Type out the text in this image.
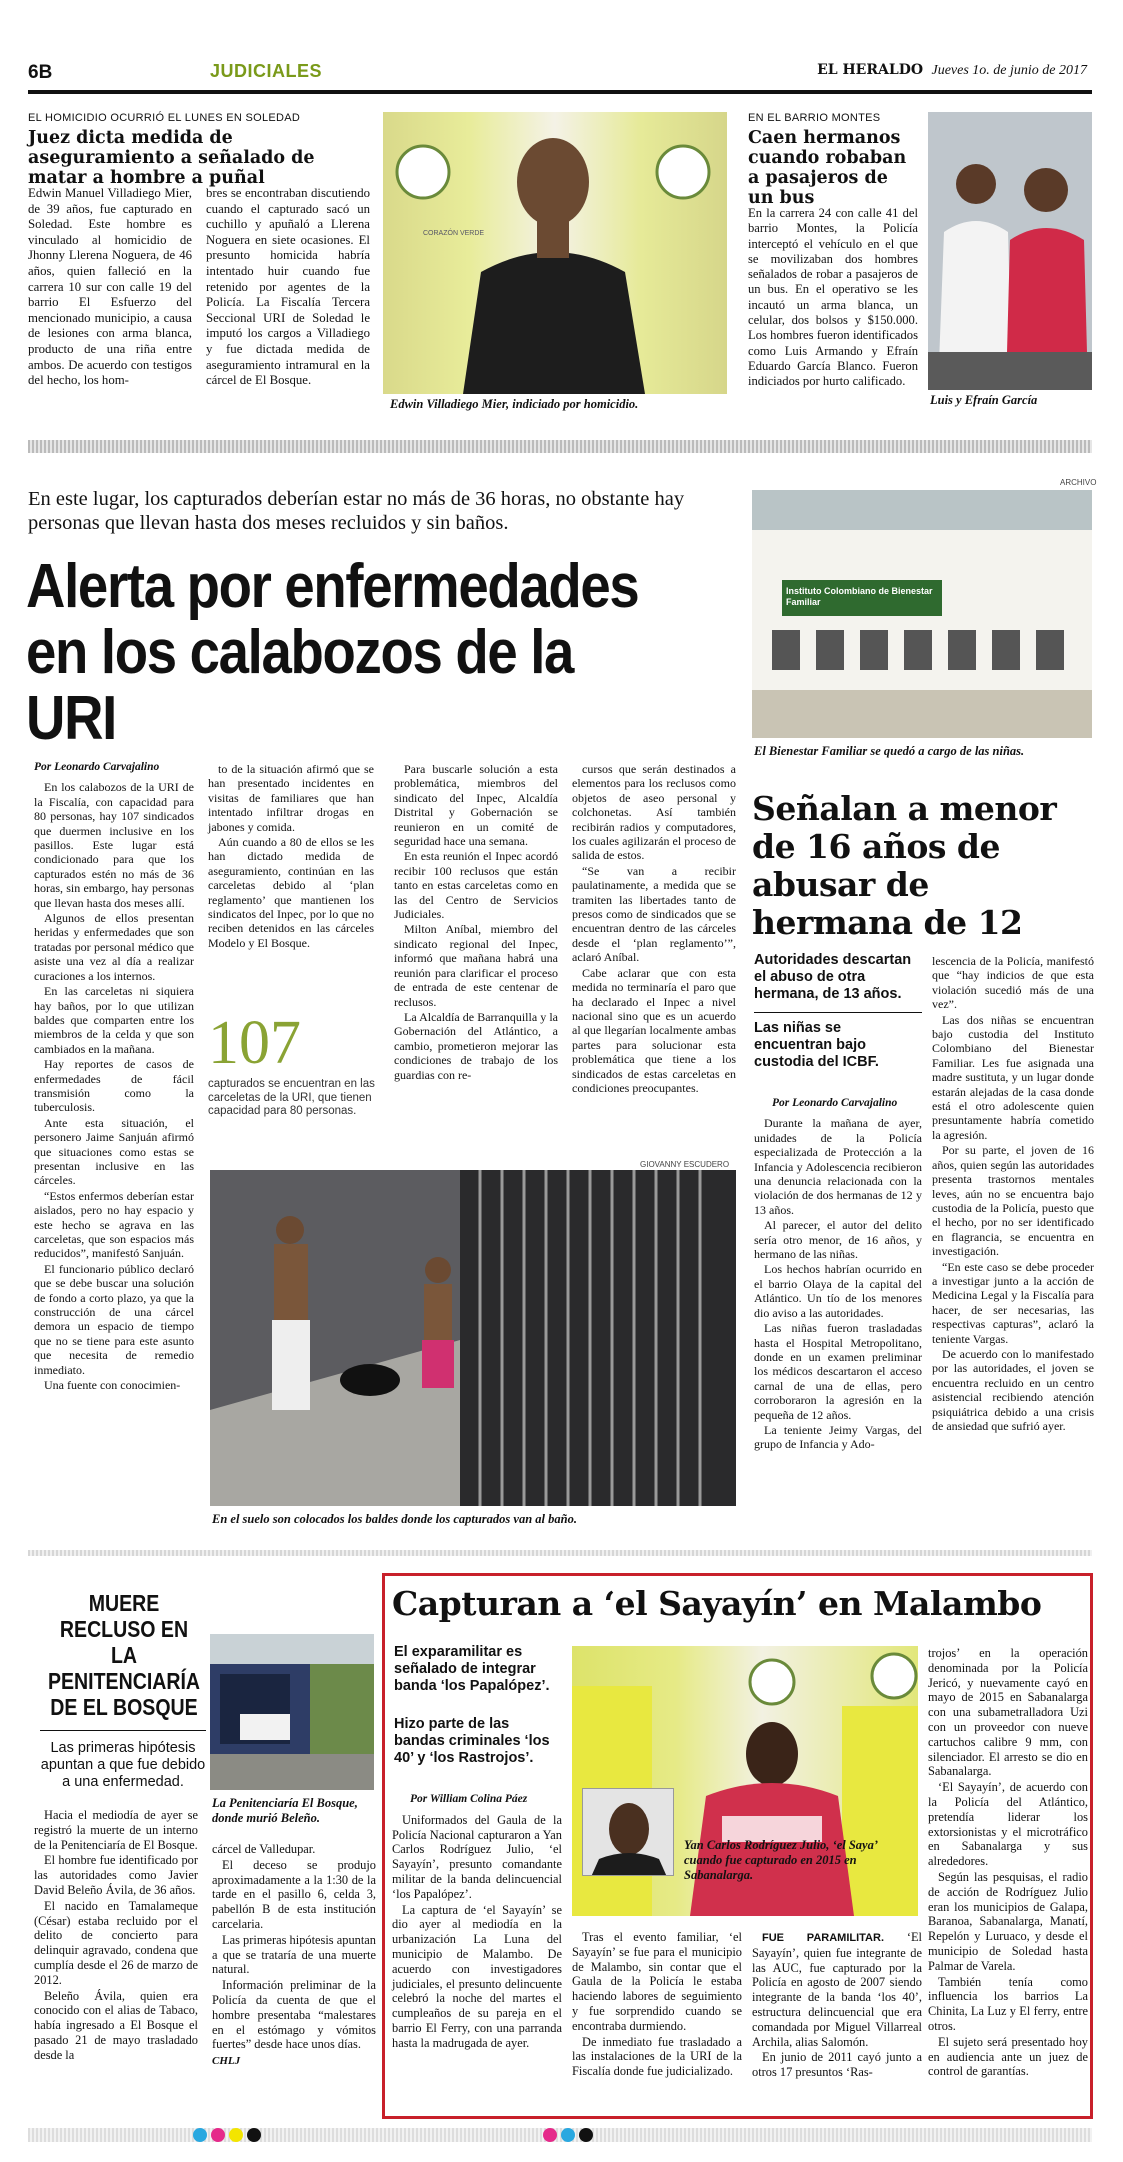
6B	JUDICIALES	EL HERALDO Jueves 1o. de junio de 2017
EL HOMICIDIO OCURRIÓ EL LUNES EN SOLEDAD
Juez dicta medida de aseguramiento a señalado de matar a hombre a puñal
Edwin Manuel Villadiego Mier, de 39 años, fue capturado en Soledad. Este hombre es vinculado al homicidio de Jhonny Llerena Noguera, de 46 años, quien falleció en la carrera 10 sur con calle 19 del barrio El Esfuerzo del mencionado municipio, a causa de lesiones con arma blanca, producto de una riña entre ambos. De acuerdo con testigos del hecho, los hom-
bres se encontraban discutiendo cuando el capturado sacó un cuchillo y apuñaló a Llerena Noguera en siete ocasiones. El presunto homicida habría intentado huir cuando fue retenido por agentes de la Policía. La Fiscalía Tercera Seccional URI de Soledad le imputó los cargos a Villadiego y fue dictada medida de aseguramiento intramural en la cárcel de El Bosque.
CORAZÓN VERDE
Edwin Villadiego Mier, indiciado por homicidio.
EN EL BARRIO MONTES
Caen hermanos cuando robaban a pasajeros de un bus
En la carrera 24 con calle 41 del barrio Montes, la Policía interceptó el vehículo en el que se movilizaban dos hombres señalados de robar a pasajeros de un bus. En el operativo se les incautó un arma blanca, un celular, dos bolsos y $150.000. Los hombres fueron identificados como Luis Armando y Efraín Eduardo García Blanco. Fueron indiciados por hurto calificado.
Luis y Efraín García
En este lugar, los capturados deberían estar no más de 36 horas, no obstante hay personas que llevan hasta dos meses recluidos y sin baños.
Alerta por enfermedades en los calabozos de la URI
Por Leonardo Carvajalino

En los calabozos de la URI de la Fiscalía, con capacidad para 80 personas, hay 107 sindicados que duermen inclusive en los pasillos. Este lugar está condicionado para que los capturados estén no más de 36 horas, sin embargo, hay personas que llevan hasta dos meses allí.

Algunos de ellos presentan heridas y enfermedades que son tratadas por personal médico que asiste una vez al día a realizar curaciones a los internos.

En las carceletas ni siquiera hay baños, por lo que utilizan baldes que comparten entre los miembros de la celda y que son cambiados en la mañana.

Hay reportes de casos de enfermedades de fácil transmisión como la tuberculosis.

Ante esta situación, el personero Jaime Sanjuán afirmó que situaciones como estas se presentan inclusive en las cárceles.

“Estos enfermos deberían estar aislados, pero no hay espacio y este hecho se agrava en las carceletas, que son espacios más reducidos”, manifestó Sanjuán.

El funcionario público declaró que se debe buscar una solución de fondo a corto plazo, ya que la construcción de una cárcel demora un espacio de tiempo que no se tiene para este asunto que necesita de remedio inmediato.

Una fuente con conocimien-

to de la situación afirmó que se han presentado incidentes en visitas de familiares que han intentado infiltrar drogas en jabones y comida.

Aún cuando a 80 de ellos se les han dictado medida de aseguramiento, continúan en las carceletas debido al ‘plan reglamento’ que mantienen los sindicatos del Inpec, por lo que no reciben detenidos en las cárceles Modelo y El Bosque.

107
capturados se encuentran en las carceletas de la URI, que tienen capacidad para 80 personas.

Para buscarle solución a esta problemática, miembros del sindicato del Inpec, Alcaldía Distrital y Gobernación se reunieron en un comité de seguridad hace una semana.

En esta reunión el Inpec acordó recibir 100 reclusos que están tanto en estas carceletas como en las del Centro de Servicios Judiciales.

Milton Aníbal, miembro del sindicato regional del Inpec, informó que mañana habrá una reunión para clarificar el proceso de entrada de este centenar de reclusos.

La Alcaldía de Barranquilla y la Gobernación del Atlántico, a cambio, prometieron mejorar las condiciones de trabajo de los guardias con re-

cursos que serán destinados a elementos para los reclusos como objetos de aseo personal y colchonetas. Así también recibirán radios y computadores, los cuales agilizarán el proceso de salida de estos.

“Se van a recibir paulatinamente, a medida que se tramiten las libertades tanto de presos como de sindicados que se encuentran dentro de las cárceles desde el ‘plan reglamento’”, aclaró Aníbal.

Cabe aclarar que con esta medida no terminaría el paro que ha declarado el Inpec a nivel nacional sino que es un acuerdo al que llegarían localmente ambas partes para solucionar esta problemática que tiene a los sindicados de estas carceletas en condiciones preocupantes.

GIOVANNY ESCUDERO
En el suelo son colocados los baldes donde los capturados van al baño.
ARCHIVO
Instituto Colombiano de Bienestar Familiar
El Bienestar Familiar se quedó a cargo de las niñas.
Señalan a menor de 16 años de abusar de hermana de 12
Autoridades descartan el abuso de otra hermana, de 13 años.
Las niñas se encuentran bajo custodia del ICBF.
Por Leonardo Carvajalino

Durante la mañana de ayer, unidades de la Policía especializada de Protección a la Infancia y Adolescencia recibieron una denuncia relacionada con la violación de dos hermanas de 12 y 13 años.

Al parecer, el autor del delito sería otro menor, de 16 años, y hermano de las niñas.

Los hechos habrían ocurrido en el barrio Olaya de la capital del Atlántico. Un tío de los menores dio aviso a las autoridades.

Las niñas fueron trasladadas hasta el Hospital Metropolitano, donde en un examen preliminar los médicos descartaron el acceso carnal de una de ellas, pero corroboraron la agresión en la pequeña de 12 años.

La teniente Jeimy Vargas, del grupo de Infancia y Ado-

lescencia de la Policía, manifestó que “hay indicios de que esta violación sucedió más de una vez”.

Las dos niñas se encuentran bajo custodia del Instituto Colombiano del Bienestar Familiar. Les fue asignada una madre sustituta, y un lugar donde estarán alejadas de la casa donde está el otro adolescente quien presuntamente habría cometido la agresión.

Por su parte, el joven de 16 años, quien según las autoridades presenta trastornos mentales leves, aún no se encuentra bajo custodia de la Policía, puesto que el hecho, por no ser identificado en flagrancia, se encuentra en investigación.

“En este caso se debe proceder a investigar junto a la acción de Medicina Legal y la Fiscalía para hacer, de ser necesarias, las respectivas capturas”, aclaró la teniente Vargas.

De acuerdo con lo manifestado por las autoridades, el joven se encuentra recluido en un centro asistencial recibiendo atención psiquiátrica debido a una crisis de ansiedad que sufrió ayer.

MUERE RECLUSO EN LA PENITENCIARÍA DE EL BOSQUE
Las primeras hipótesis apuntan a que fue debido a una enfermedad.

Hacia el mediodía de ayer se registró la muerte de un interno de la Penitenciaría de El Bosque.

El hombre fue identificado por las autoridades como Javier David Beleño Ávila, de 36 años.

El nacido en Tamalameque (César) estaba recluido por el delito de concierto para delinquir agravado, condena que cumplía desde el 26 de marzo de 2012.

Beleño Ávila, quien era conocido con el alias de Tabaco, había ingresado a El Bosque el pasado 21 de mayo trasladado desde la

La Penitenciaría El Bosque, donde murió Beleño.

cárcel de Valledupar.

El deceso se produjo aproximadamente a la 1:30 de la tarde en el pasillo 6, celda 3, pabellón B de esta institución carcelaria.

Las primeras hipótesis apuntan a que se trataría de una muerte natural.

Información preliminar de la Policía da cuenta de que el hombre presentaba “malestares en el estómago y vómitos fuertes” desde hace unos días.

CHLJ
Capturan a ‘el Sayayín’ en Malambo
El exparamilitar es señalado de integrar banda ‘los Papalópez’.
Hizo parte de las bandas criminales ‘los 40’ y ‘los Rastrojos’.
Por William Colina Páez

Uniformados del Gaula de la Policía Nacional capturaron a Yan Carlos Rodríguez Julio, ‘el Sayayín’, presunto comandante militar de la banda delincuencial ‘los Papalópez’.

La captura de ‘el Sayayín’ se dio ayer al mediodía en la urbanización La Luna del municipio de Malambo. De acuerdo con investigadores judiciales, el presunto delincuente celebró la noche del martes el cumpleaños de su pareja en el barrio El Ferry, con una parranda hasta la madrugada de ayer.

Yan Carlos Rodríguez Julio, ‘el Saya’ cuando fue capturado en 2015 en Sabanalarga.

Tras el evento familiar, ‘el Sayayín’ se fue para el municipio de Malambo, sin contar que el Gaula de la Policía le estaba haciendo labores de seguimiento y fue sorprendido cuando se encontraba durmiendo.

De inmediato fue trasladado a las instalaciones de la URI de la Fiscalía donde fue judicializado.

FUE PARAMILITAR. ‘El Sayayín’, quien fue integrante de las AUC, fue capturado por la Policía en agosto de 2007 siendo integrante de la banda ‘los 40’, estructura delincuencial que era comandada por Miguel Villarreal Archila, alias Salomón.

En junio de 2011 cayó junto a otros 17 presuntos ‘Ras-

trojos’ en la operación denominada por la Policía Jericó, y nuevamente cayó en mayo de 2015 en Sabanalarga con una subametralladora Uzi con un proveedor con nueve cartuchos calibre 9 mm, con silenciador. El arresto se dio en Sabanalarga.

‘El Sayayín’, de acuerdo con la Policía del Atlántico, pretendía liderar los extorsionistas y el microtráfico en Sabanalarga y sus alrededores.

Según las pesquisas, el radio de acción de Rodríguez Julio eran los municipios de Galapa, Baranoa, Sabanalarga, Manatí, Repelón y Luruaco, y desde el municipio de Soledad hasta Palmar de Varela.

También tenía como influencia los barrios La Chinita, La Luz y El ferry, entre otros.

El sujeto será presentado hoy en audiencia ante un juez de control de garantías.
